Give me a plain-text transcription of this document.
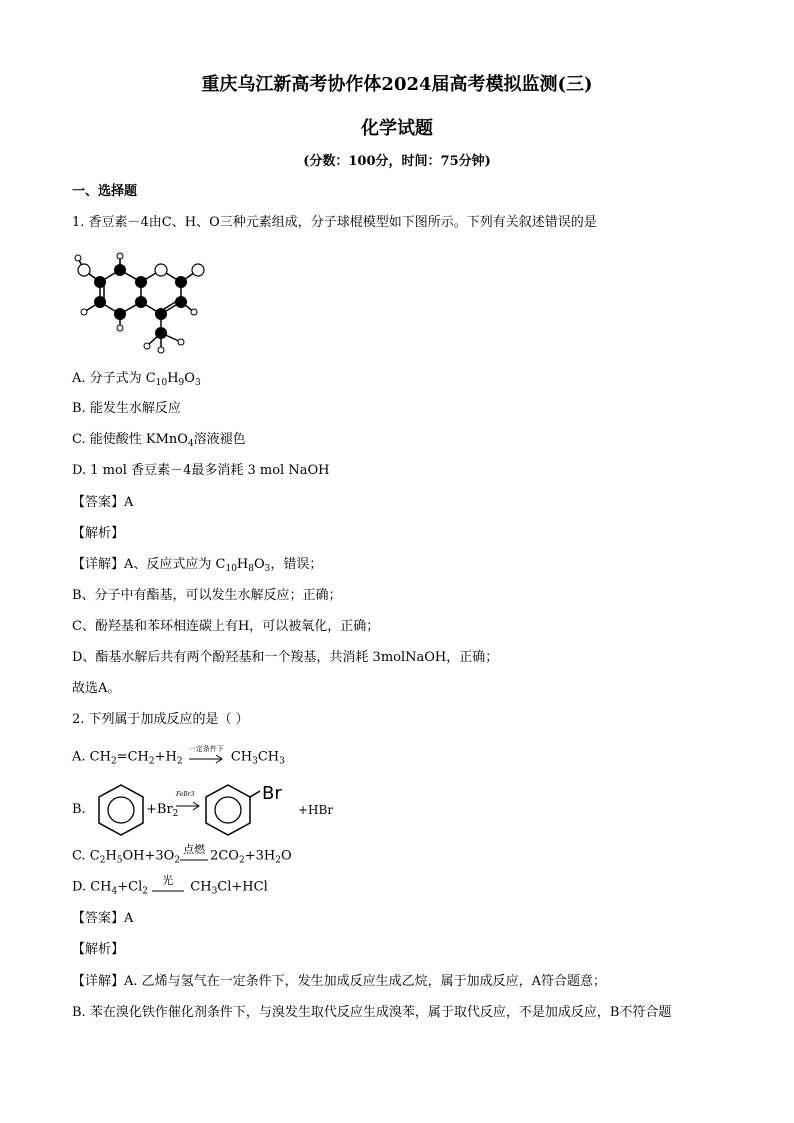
重庆乌江新高考协作体2024届高考模拟监测(三)
化学试题
(分数：100分，时间：75分钟)
一、选择题
1. 香豆素－4由C、H、O三种元素组成，分子球棍模型如下图所示。下列有关叙述错误的是
A. 分子式为 $C_{10}H_9O_3$
B. 能发生水解反应
C. 能使酸性 KMnO$_4$溶液褪色
D. 1 mol 香豆素－4最多消耗 3 mol NaOH
【答案】A
【解析】
【详解】A、反应式应为 $C_{10}H_8O_3$，错误；
B、分子中有酯基，可以发生水解反应；正确；
C、酚羟基和苯环相连碳上有H，可以被氧化，正确；
D、酯基水解后共有两个酚羟基和一个羧基，共消耗 3molNaOH，正确；
故选A。
2. 下列属于加成反应的是（ ）
A. $CH_2=CH_2+H_2$
一定条件下
$CH_3CH_3$
B.	$+Br_2$
FeBr3	Br
+HBr
C. $C_2H_5OH+3O_2$
点燃 $2CO_2+3H_2O$
D. $CH_4+Cl_2$
光 $CH_3Cl+HCl$
【答案】A
【解析】
【详解】A. 乙烯与氢气在一定条件下，发生加成反应生成乙烷，属于加成反应，A符合题意；
B. 苯在溴化铁作催化剂条件下，与溴发生取代反应生成溴苯，属于取代反应，不是加成反应，B不符合题
